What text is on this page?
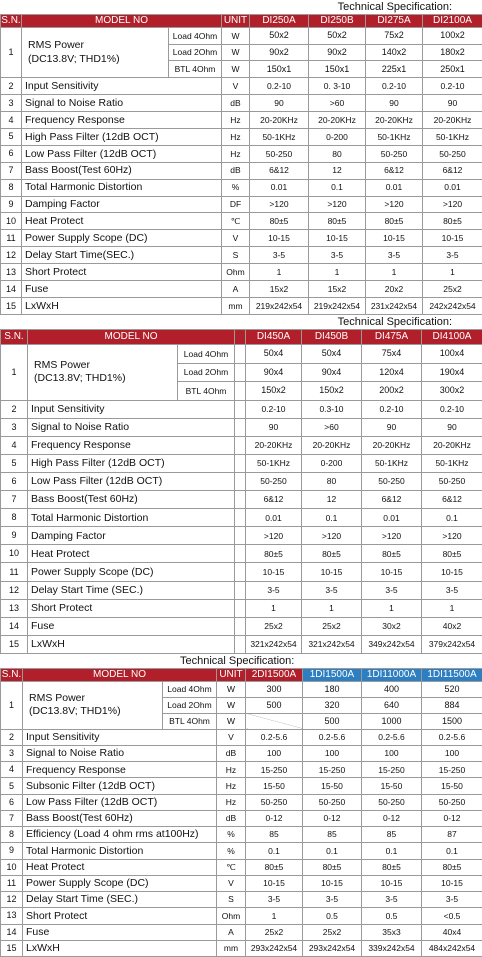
Technical Specification:
S.N.	MODEL NO		UNIT	DI250A	DI250B	DI275A	DI2100A
1	RMS Power
(DC13.8V; THD1%)	Load 4Ohm	W	50x2	50x2	75x2	100x2
		Load 2Ohm	W	90x2	90x2	140x2	180x2
		BTL 4Ohm	W	150x1	150x1	225x1	250x1
2	Input Sensitivity		V	0.2-10	0. 3-10	0.2-10	0.2-10
3	Signal to Noise Ratio		dB	90	>60	90	90
4	Frequency Response		Hz	20-20KHz	20-20KHz	20-20KHz	20-20KHz
5	High Pass Filter (12dB OCT)		Hz	50-1KHz	0-200	50-1KHz	50-1KHz
6	Low Pass Filter (12dB OCT)		Hz	50-250	80	50-250	50-250
7	Bass Boost(Test 60Hz)		dB	6&12	12	6&12	6&12
8	Total Harmonic Distortion		%	0.01	0.1	0.01	0.01
9	Damping Factor		DF	>120	>120	>120	>120
10	Heat Protect		℃	80±5	80±5	80±5	80±5
11	Power Supply Scope (DC)		V	10-15	10-15	10-15	10-15
12	Delay Start Time(SEC.)		S	3-5	3-5	3-5	3-5
13	Short Protect		Ohm	1	1	1	1
14	Fuse		A	15x2	15x2	20x2	25x2
15	LxWxH		mm	219x242x54	219x242x54	231x242x54	242x242x54
Technical Specification:
S.N.	MODEL NO			DI450A	DI450B	DI475A	DI4100A
1	RMS Power
(DC13.8V; THD1%)	Load 4Ohm		50x4	50x4	75x4	100x4
		Load 2Ohm		90x4	90x4	120x4	190x4
		BTL 4Ohm		150x2	150x2	200x2	300x2
2	Input Sensitivity			0.2-10	0.3-10	0.2-10	0.2-10
3	Signal to Noise Ratio			90	>60	90	90
4	Frequency Response			20-20KHz	20-20KHz	20-20KHz	20-20KHz
5	High Pass Filter (12dB OCT)			50-1KHz	0-200	50-1KHz	50-1KHz
6	Low Pass Filter (12dB OCT)			50-250	80	50-250	50-250
7	Bass Boost(Test 60Hz)			6&12	12	6&12	6&12
8	Total Harmonic Distortion			0.01	0.1	0.01	0.1
9	Damping Factor			>120	>120	>120	>120
10	Heat Protect			80±5	80±5	80±5	80±5
11	Power Supply Scope (DC)			10-15	10-15	10-15	10-15
12	Delay Start Time (SEC.)			3-5	3-5	3-5	3-5
13	Short Protect			1	1	1	1
14	Fuse			25x2	25x2	30x2	40x2
15	LxWxH			321x242x54	321x242x54	349x242x54	379x242x54
Technical Specification:
S.N.	MODEL NO		UNIT	2DI1500A	1DI1500A	1DI11000A	1DI11500A
1	RMS Power
(DC13.8V; THD1%)	Load 4Ohm	W	300	180	400	520
		Load 2Ohm	W	500	320	640	884
		BTL 4Ohm	W		500	1000	1500
2	Input Sensitivity		V	0.2-5.6	0.2-5.6	0.2-5.6	0.2-5.6
3	Signal to Noise Ratio		dB	100	100	100	100
4	Frequency Response		Hz	15-250	15-250	15-250	15-250
5	Subsonic Filter (12dB OCT)		Hz	15-50	15-50	15-50	15-50
6	Low Pass Filter (12dB OCT)		Hz	50-250	50-250	50-250	50-250
7	Bass Boost(Test 60Hz)		dB	0-12	0-12	0-12	0-12
8	Efficiency (Load 4 ohm rms at100Hz)		%	85	85	85	87
9	Total Harmonic Distortion		%	0.1	0.1	0.1	0.1
10	Heat Protect		℃	80±5	80±5	80±5	80±5
11	Power Supply Scope (DC)		V	10-15	10-15	10-15	10-15
12	Delay Start Time (SEC.)		S	3-5	3-5	3-5	3-5
13	Short Protect		Ohm	1	0.5	0.5	<0.5
14	Fuse		A	25x2	25x2	35x3	40x4
15	LxWxH		mm	293x242x54	293x242x54	339x242x54	484x242x54
